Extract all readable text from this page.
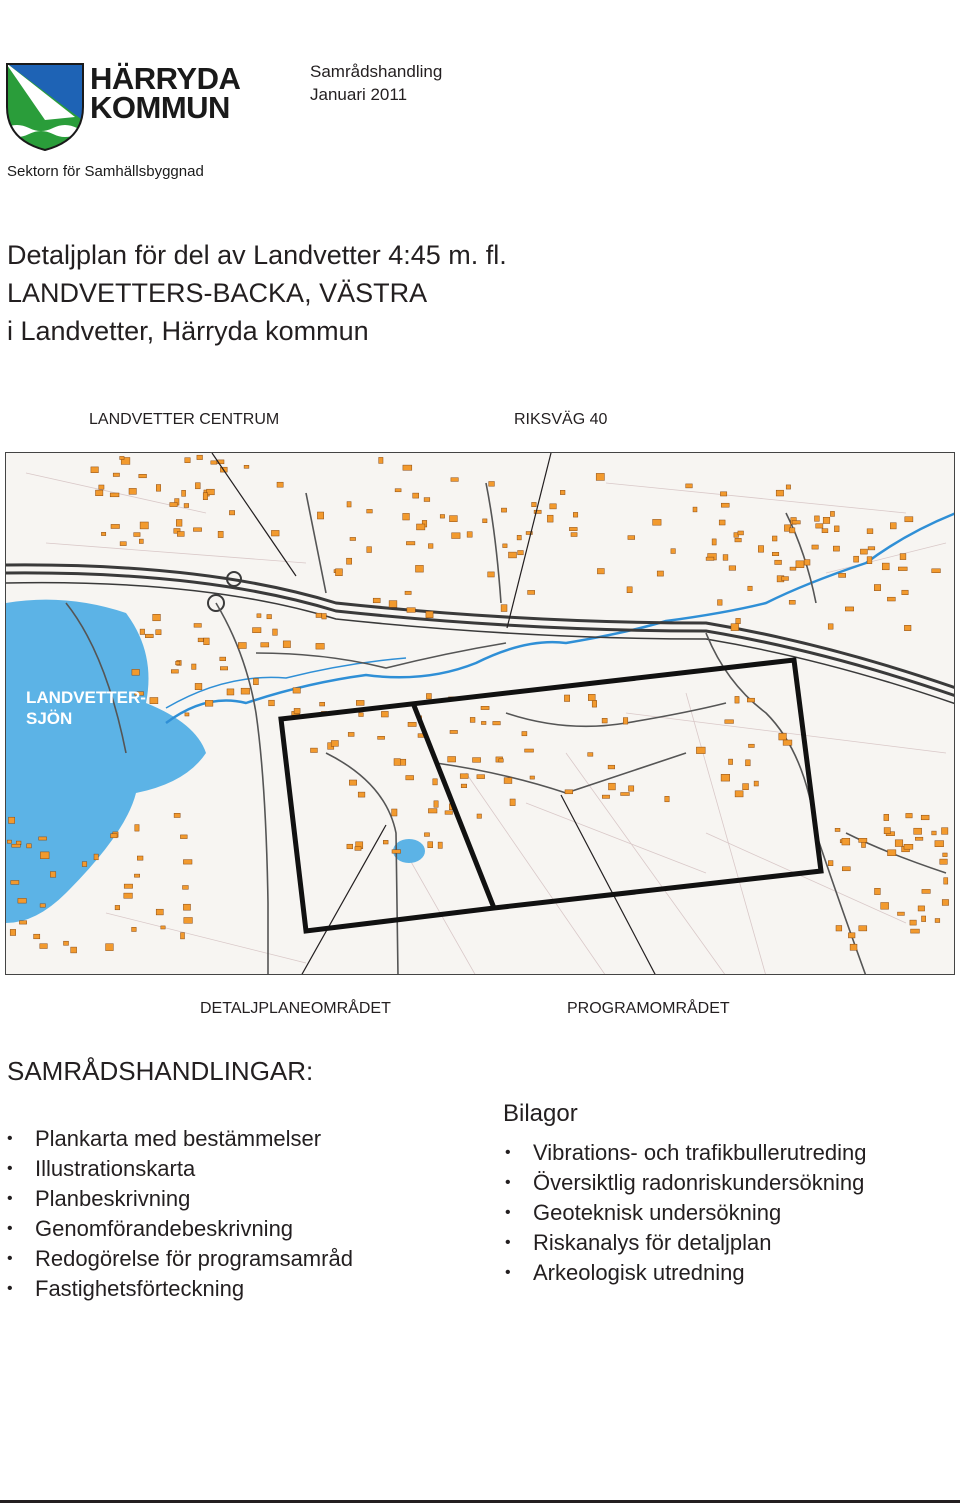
HÄRRYDA
KOMMUN
Sektorn för Samhällsbyggnad
Samrådshandling
Januari 2011
Detaljplan för del av Landvetter 4:45 m. fl.
LANDVETTERS-BACKA, VÄSTRA
i Landvetter, Härryda kommun
LANDVETTER CENTRUM	RIKSVÄG 40
LANDVETTER-
SJÖN
DETALJPLANEOMRÅDET	PROGRAMOMRÅDET
SAMRÅDSHANDLINGAR:
• Plankarta med bestämmelser
• Illustrationskarta
• Planbeskrivning
• Genomförandebeskrivning
• Redogörelse för programsamråd
• Fastighetsförteckning
Bilagor
• Vibrations- och trafikbullerutreding
• Översiktlig radonriskundersökning
• Geoteknisk undersökning
• Riskanalys för detaljplan
• Arkeologisk utredning
